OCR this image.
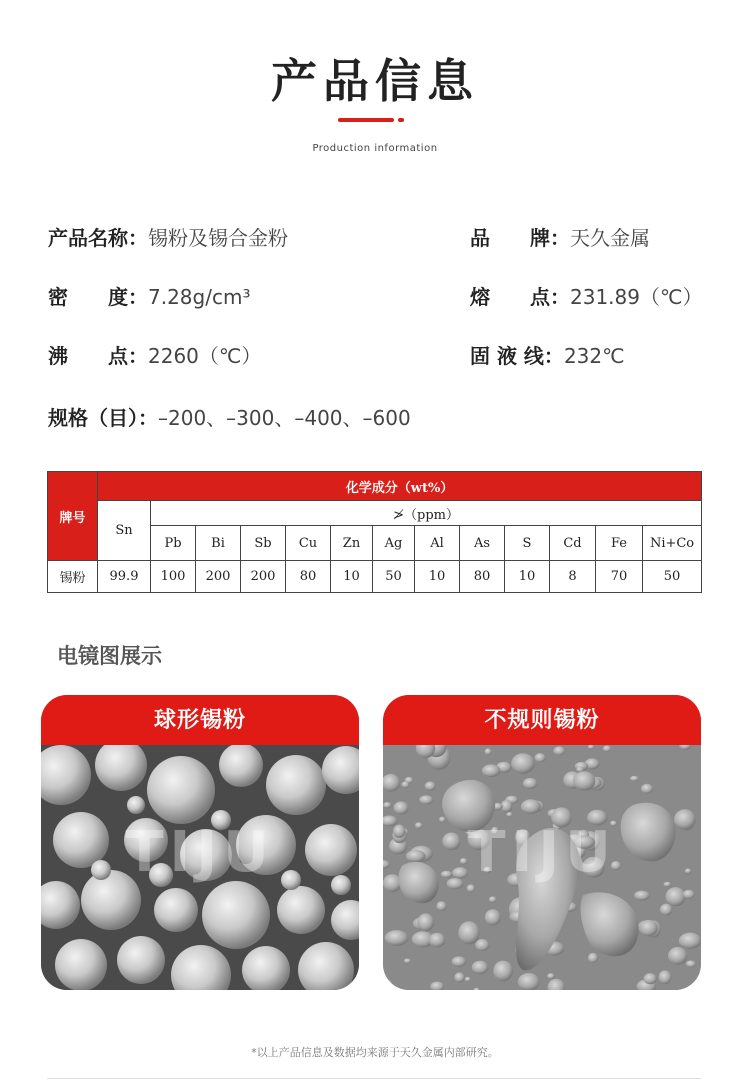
产品信息
Production information
产品名称：锡粉及锡合金粉	品　　牌：天久金属
密　　度：7.28g/cm³	熔　　点：231.89（℃）
沸　　点：2260（℃）	固 液 线：232℃
规格（目）：–200、–300、–400、–600
牌号	化学成分（wt%）												
	Sn	≯（ppm）											
		Pb	Bi	Sb	Cu	Zn	Ag	Al	As	S	Cd	Fe	Ni+Co
锡粉	99.9	100	200	200	80	10	50	10	80	10	8	70	50
电镜图展示
球形锡粉
TIJU
不规则锡粉
TIJU
*以上产品信息及数据均来源于天久金属内部研究。
